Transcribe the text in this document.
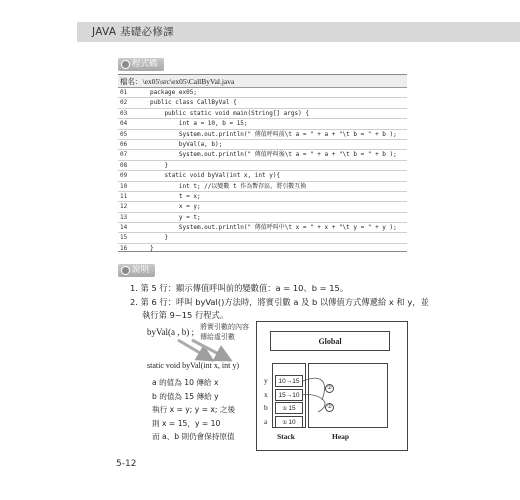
JAVA 基礎必修課
程式碼
檔名：\ex05\src\ex05\CallByVal.java
01	package ex05;
02	public class CallByVal {
03	public static void main(String[] args) {
04	int a = 10, b = 15;
05	System.out.println(" 傳值呼叫前\t a = " + a + "\t b = " + b );
06	byVal(a, b);
07	System.out.println(" 傳值呼叫後\t a = " + a + "\t b = " + b );
08	}
09	static void byVal(int x, int y){
10	int t; //以變數 t 作為暫存區，將引數互換
11	t = x;
12	x = y;
13	y = t;
14	System.out.println(" 傳值呼叫中\t x = " + x + "\t y = " + y );
15	}
16	}
說明
1. 第 5 行：顯示傳值呼叫前的變數值：a = 10、b = 15。
2. 第 6 行：呼叫 byVal()方法時，將實引數 a 及 b 以傳值方式傳遞給 x 和 y，並
執行第 9~15 行程式。
byVal(a , b) ; 將實引數的內容
傳給虛引數
static void byVal(int x, int y)
a 的值為 10 傳給 x
b 的值為 15 傳給 y
執行 x = y; y = x; 之後
則 x = 15，y = 10
而 a、b 則仍會保持原值
Global
y	10→15
x	15→10
b	①15
a	①10
②
②
Stack	Heap
5-12
